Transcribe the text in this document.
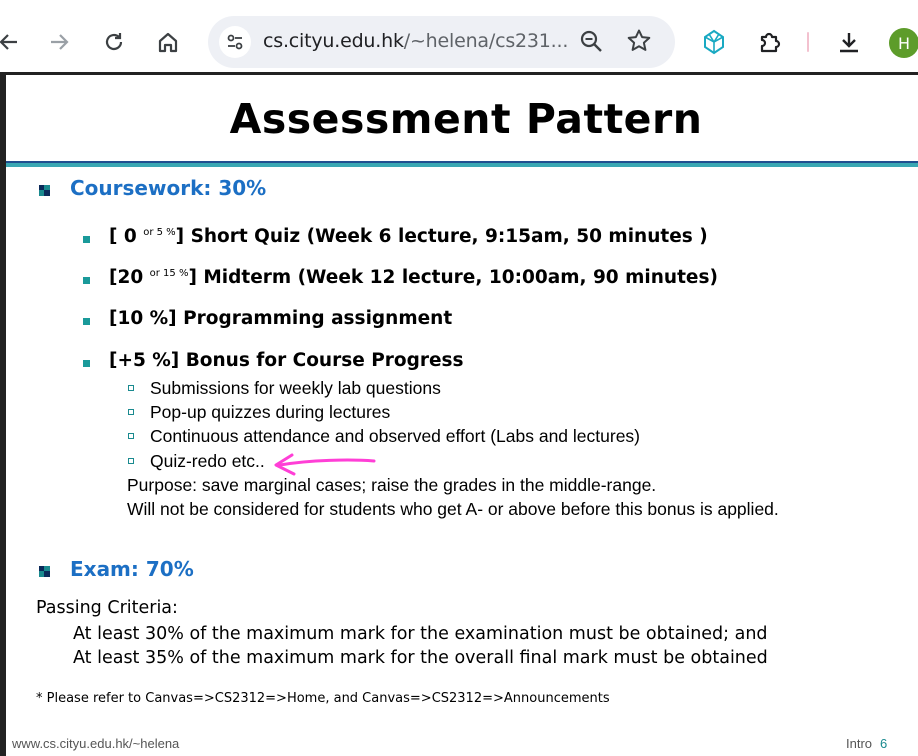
cs.cityu.edu.hk/~helena/cs231...	H
Assessment Pattern
Coursework: 30%
[ 0 $^{or 5 \%}$] Short Quiz (Week 6 lecture, 9:15am, 50 minutes )
[20 $^{or 15 \%}$] Midterm (Week 12 lecture, 10:00am, 90 minutes)
[10 %] Programming assignment
[+5 %] Bonus for Course Progress
Submissions for weekly lab questions
Pop-up quizzes during lectures
Continuous attendance and observed effort (Labs and lectures)
Quiz-redo etc..
Purpose: save marginal cases; raise the grades in the middle-range.
Will not be considered for students who get A- or above before this bonus is applied.
Exam: 70%
Passing Criteria:
At least 30% of the maximum mark for the examination must be obtained; and
At least 35% of the maximum mark for the overall final mark must be obtained
* Please refer to Canvas=>CS2312=>Home, and Canvas=>CS2312=>Announcements
www.cs.cityu.edu.hk/~helena	Intro 6
